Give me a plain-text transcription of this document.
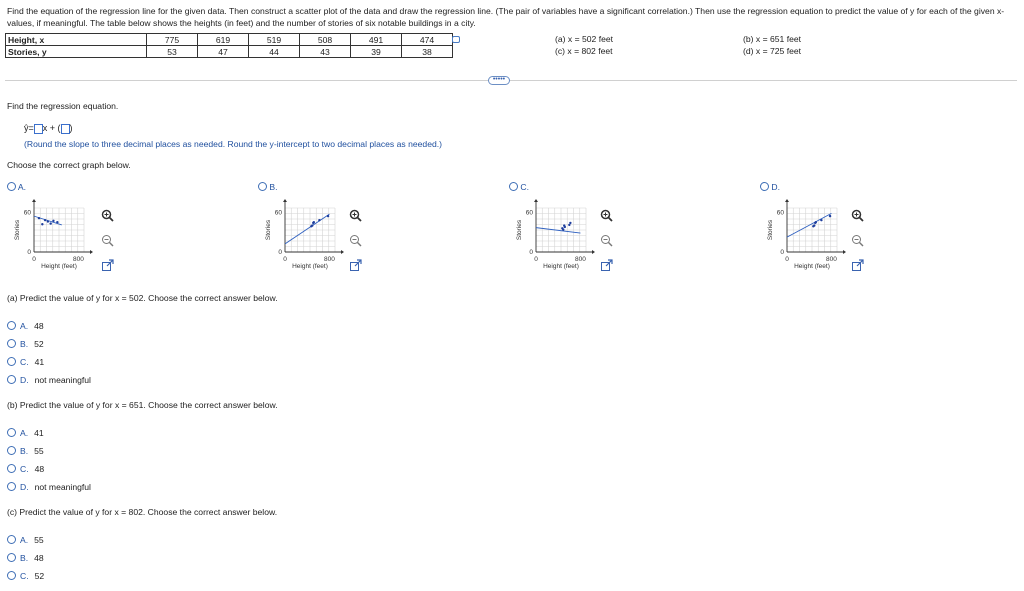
Find the equation of the regression line for the given data. Then construct a scatter plot of the data and draw the regression line. (The pair of variables have a significant correlation.) Then use the regression equation to predict the value of y for each of the given x-values, if meaningful. The table below shows the heights (in feet) and the number of stories of six notable buildings in a city.
Height, x	775	619	519	508	491	474
Stories, y	53	47	44	43	39	38
(a) x = 502 feet
(c) x = 802 feet
(b) x = 651 feet
(d) x = 725 feet
•••••
Find the regression equation.
ŷ= x + ( )
(Round the slope to three decimal places as needed. Round the y-intercept to two decimal places as needed.)
Choose the correct graph below.
A.
60
0
0	800
Height (feet)
Stories
B.
60
0
0	800
Height (feet)
Stories
C.
60
0
0	800
Height (feet)
Stories
D.
60
0
0	800
Height (feet)
Stories
(a) Predict the value of y for x = 502. Choose the correct answer below.
A. 48
B. 52
C. 41
D. not meaningful
(b) Predict the value of y for x = 651. Choose the correct answer below.
A. 41
B. 55
C. 48
D. not meaningful
(c) Predict the value of y for x = 802. Choose the correct answer below.
A. 55
B. 48
C. 52
